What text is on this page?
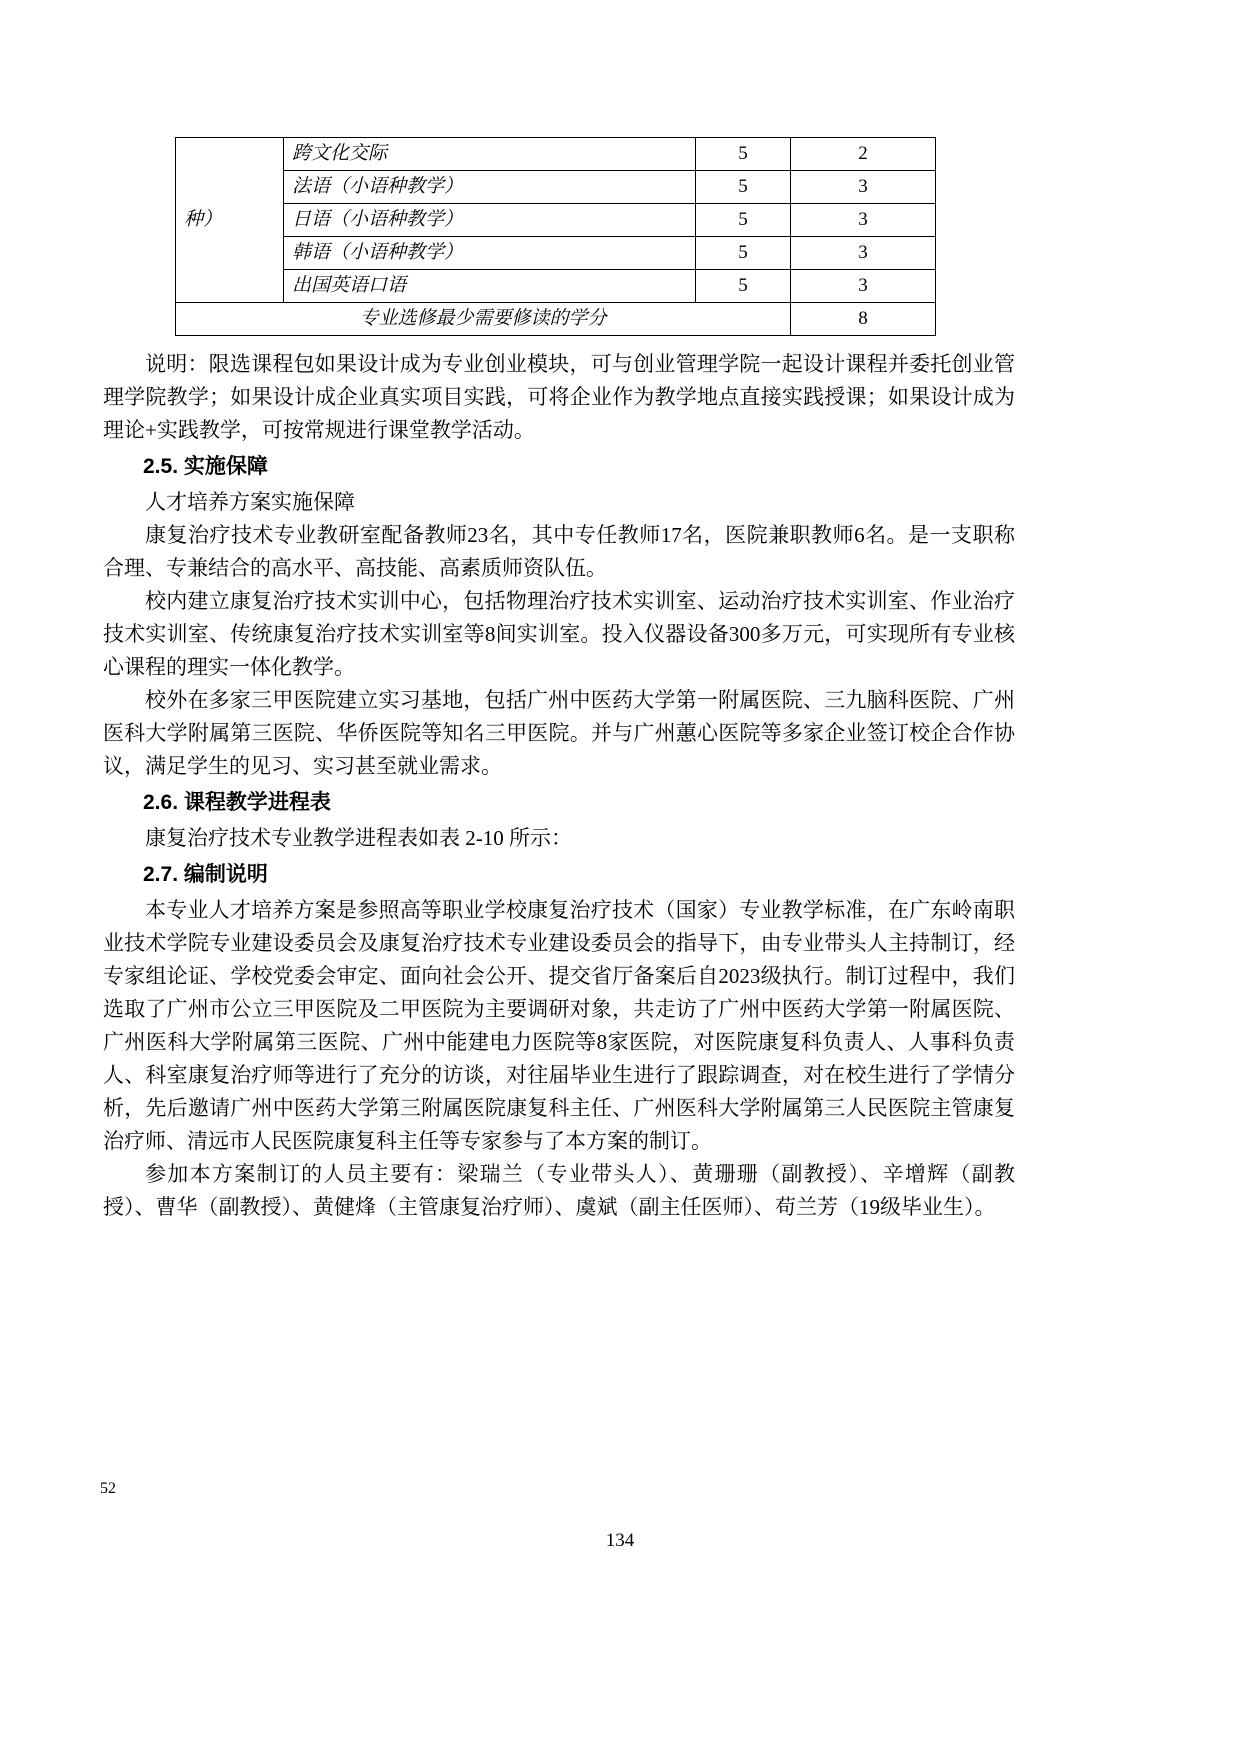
种）	跨文化交际	5	2
	法语（小语种教学）	5	3
	日语（小语种教学）	5	3
	韩语（小语种教学）	5	3
	出国英语口语	5	3
专业选修最少需要修读的学分			8

说明：限选课程包如果设计成为专业创业模块，可与创业管理学院一起设计课程并委托创业管理学院教学；如果设计成企业真实项目实践，可将企业作为教学地点直接实践授课；如果设计成为理论+实践教学，可按常规进行课堂教学活动。

2.5. 实施保障

人才培养方案实施保障

康复治疗技术专业教研室配备教师23名，其中专任教师17名，医院兼职教师6名。是一支职称合理、专兼结合的高水平、高技能、高素质师资队伍。

校内建立康复治疗技术实训中心，包括物理治疗技术实训室、运动治疗技术实训室、作业治疗技术实训室、传统康复治疗技术实训室等8间实训室。投入仪器设备300多万元，可实现所有专业核心课程的理实一体化教学。

校外在多家三甲医院建立实习基地，包括广州中医药大学第一附属医院、三九脑科医院、广州医科大学附属第三医院、华侨医院等知名三甲医院。并与广州蕙心医院等多家企业签订校企合作协议，满足学生的见习、实习甚至就业需求。

2.6. 课程教学进程表

康复治疗技术专业教学进程表如表 2-10 所示：

2.7. 编制说明

本专业人才培养方案是参照高等职业学校康复治疗技术（国家）专业教学标准，在广东岭南职业技术学院专业建设委员会及康复治疗技术专业建设委员会的指导下，由专业带头人主持制订，经专家组论证、学校党委会审定、面向社会公开、提交省厅备案后自2023级执行。制订过程中，我们选取了广州市公立三甲医院及二甲医院为主要调研对象，共走访了广州中医药大学第一附属医院、广州医科大学附属第三医院、广州中能建电力医院等8家医院，对医院康复科负责人、人事科负责人、科室康复治疗师等进行了充分的访谈，对往届毕业生进行了跟踪调查，对在校生进行了学情分析，先后邀请广州中医药大学第三附属医院康复科主任、广州医科大学附属第三人民医院主管康复治疗师、清远市人民医院康复科主任等专家参与了本方案的制订。

参加本方案制订的人员主要有：梁瑞兰（专业带头人）、黄珊珊（副教授）、辛增辉（副教授）、曹华（副教授）、黄健烽（主管康复治疗师）、虞斌（副主任医师）、苟兰芳（19级毕业生）。

52
134
